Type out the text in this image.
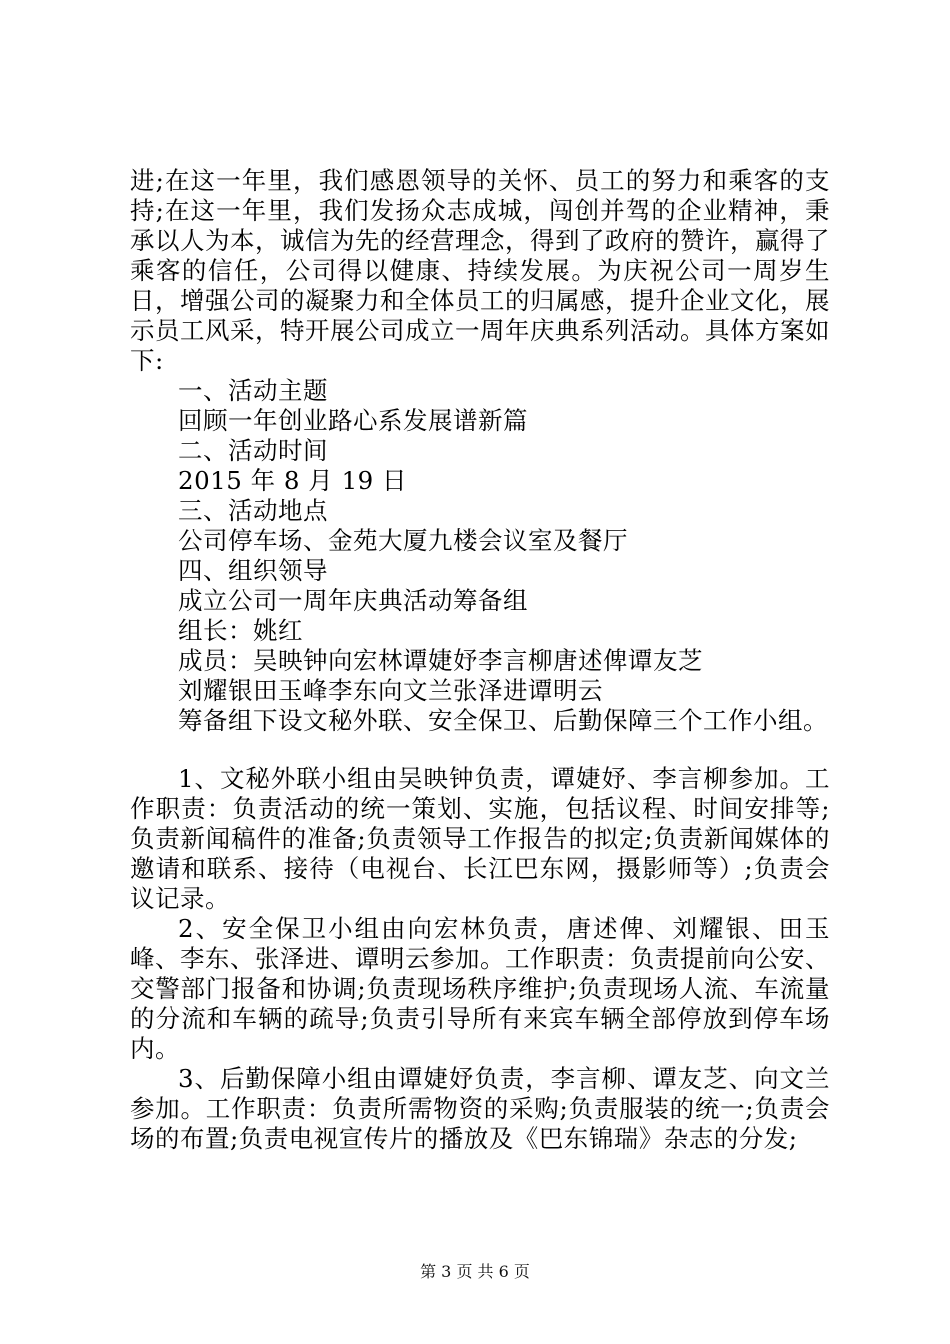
进;在这一年里，我们感恩领导的关怀、员工的努力和乘客的支持;在这一年里，我们发扬众志成城，闯创并驾的企业精神，秉承以人为本，诚信为先的经营理念，得到了政府的赞许，赢得了乘客的信任，公司得以健康、持续发展。为庆祝公司一周岁生日，增强公司的凝聚力和全体员工的归属感，提升企业文化，展示员工风采，特开展公司成立一周年庆典系列活动。具体方案如下:

一、活动主题

回顾一年创业路心系发展谱新篇

二、活动时间

2015 年 8 月 19 日

三、活动地点

公司停车场、金苑大厦九楼会议室及餐厅

四、组织领导

成立公司一周年庆典活动筹备组

组长：姚红

成员：吴映钟向宏林谭婕妤李言柳唐述俾谭友芝

刘耀银田玉峰李东向文兰张泽进谭明云

筹备组下设文秘外联、安全保卫、后勤保障三个工作小组。

1、文秘外联小组由吴映钟负责，谭婕妤、李言柳参加。工作职责：负责活动的统一策划、实施，包括议程、时间安排等;负责新闻稿件的准备;负责领导工作报告的拟定;负责新闻媒体的邀请和联系、接待（电视台、长江巴东网，摄影师等）;负责会议记录。

2、安全保卫小组由向宏林负责，唐述俾、刘耀银、田玉峰、李东、张泽进、谭明云参加。工作职责：负责提前向公安、交警部门报备和协调;负责现场秩序维护;负责现场人流、车流量的分流和车辆的疏导;负责引导所有来宾车辆全部停放到停车场内。

3、后勤保障小组由谭婕妤负责，李言柳、谭友芝、向文兰参加。工作职责：负责所需物资的采购;负责服装的统一;负责会场的布置;负责电视宣传片的播放及《巴东锦瑞》杂志的分发;

第 3 页 共 6 页
